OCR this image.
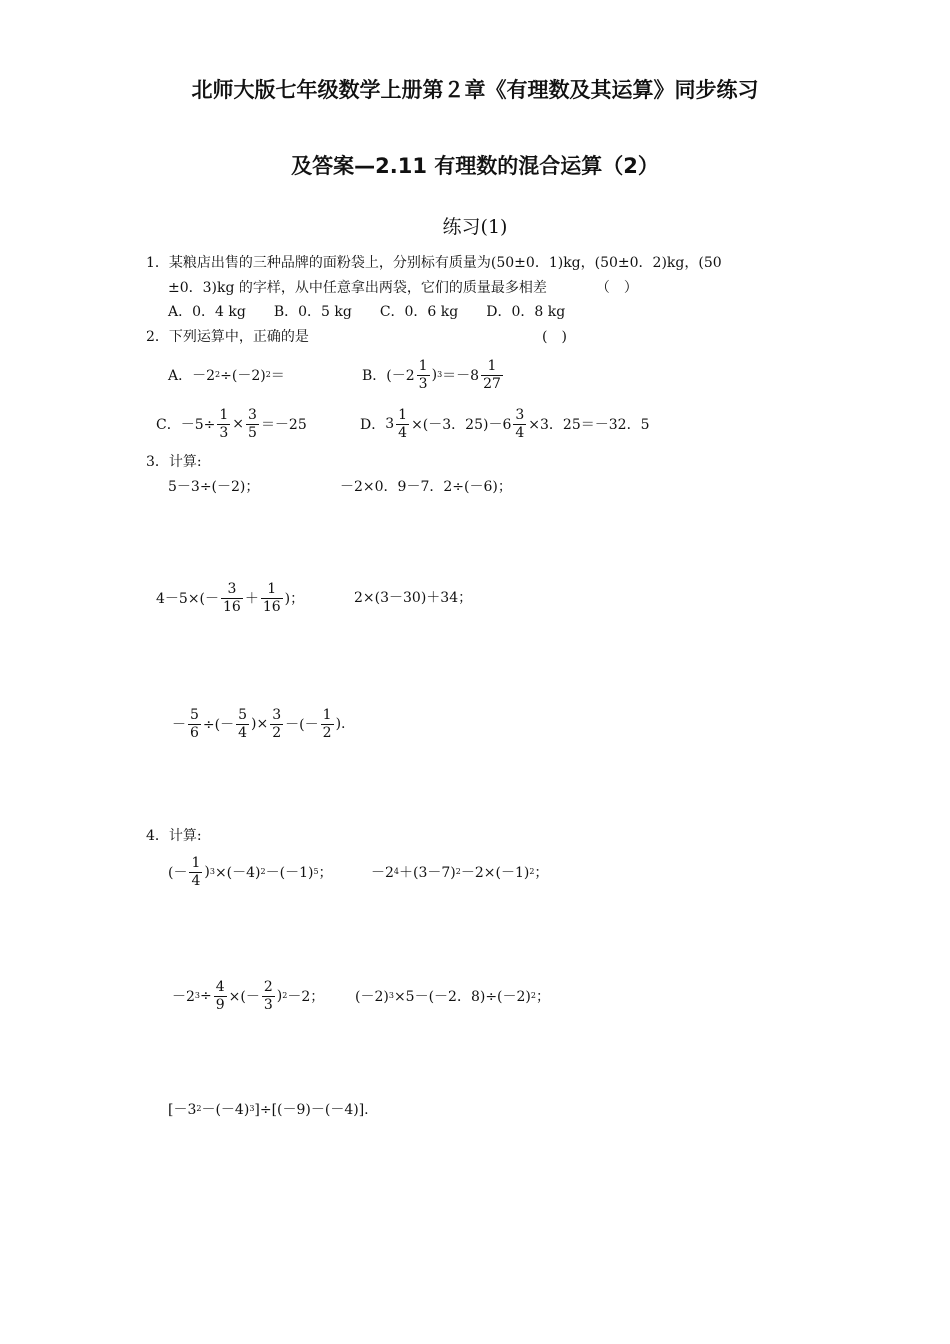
北师大版七年级数学上册第２章《有理数及其运算》同步练习
及答案—2.11 有理数的混合运算（2）
练习(1)
1．某粮店出售的三种品牌的面粉袋上，分别标有质量为(50±0．1)kg，(50±0．2)kg，(50
±0．3)kg 的字样，从中任意拿出两袋，它们的质量最多相差　　　　（　）
A．0．4 kg　　B．0．5 kg　　C．0．6 kg　　D．0．8 kg
2．下列运算中，正确的是	(　)
A． －2 2 ÷(－2) 2 ＝	B． (－2
1
3
) 3 ＝－8
1
27
C． $-5\div \frac{1}{3} \times \frac{3}{5} =-25$	D． $3 \frac{1}{4} \times(-3$．$25)-6 \frac{3}{4} \times 3$．25＝－32．5
3．计算:
5－3÷(－2)；	－2×0．9－7．2÷(－6)；
4－5×(－
3
16 ＋
1
16 )；	2×(3－30)＋34；
－ $\frac{5}{6}$ ÷(－
5
4
)× $\frac{3}{2}$ －(－
1
2
).
4．计算:
(－
1
4
) 3 ×(－4) 2 －(－1) 5 ；	－2 4 ＋(3－7) 2 －2×(－1) 2 ；
－2 $3 \div \frac{4}{9}$ ×(－
2
3
) 2 －2； (－2) 3 ×5－(－2．8)÷(－2) 2 ；
[－3 2 －(－4) 3 ]÷[(－9)－(－4)].
